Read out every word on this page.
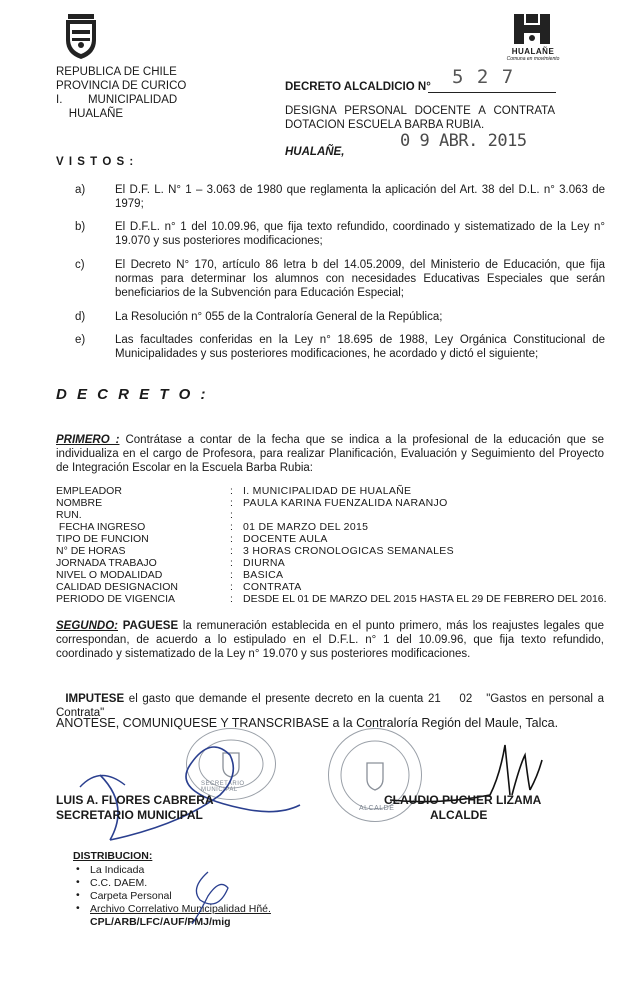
REPUBLICA DE CHILE
PROVINCIA DE CURICO
I.        MUNICIPALIDAD
HUALAÑE
HUALAÑE
Comuna en movimiento
DECRETO ALCALDICIO N° 5 2 7
DESIGNA PERSONAL DOCENTE A CONTRATA
DOTACION ESCUELA BARBA RUBIA.
HUALAÑE,
0 9 ABR. 2015
V I S T O S :
a)	El D.F. L. N° 1 – 3.063 de 1980 que reglamenta la aplicación del Art. 38 del D.L. n° 3.063 de 1979;
b)	El D.F.L. n° 1 del 10.09.96, que fija texto refundido, coordinado y sistematizado de la Ley n° 19.070 y sus posteriores modificaciones;
c)	El Decreto N° 170, artículo 86 letra b del 14.05.2009, del Ministerio de Educación, que fija normas para determinar los alumnos con necesidades Educativas Especiales que serán beneficiarios de la Subvención para Educación Especial;
d)	La Resolución n° 055 de la Contraloría General de la República;
e)	Las facultades conferidas en la Ley n° 18.695 de 1988, Ley Orgánica Constitucional de Municipalidades y sus posteriores modificaciones, he acordado y dictó el siguiente;
D E C R E T O :
PRIMERO : Contrátase a contar de la fecha que se indica a la profesional de la educación que se individualiza en el cargo de Profesora, para realizar Planificación, Evaluación y Seguimiento del Proyecto de Integración Escolar en la Escuela Barba Rubia:
EMPLEADOR	: I. MUNICIPALIDAD DE HUALAÑE
NOMBRE	: PAULA KARINA FUENZALIDA NARANJO
RUN.	:
FECHA INGRESO	: 01 DE MARZO DEL 2015
TIPO DE FUNCION	: DOCENTE AULA
N° DE HORAS	: 3 HORAS CRONOLOGICAS SEMANALES
JORNADA TRABAJO	: DIURNA
NIVEL O MODALIDAD	: BASICA
CALIDAD DESIGNACION	: CONTRATA
PERIODO DE VIGENCIA	: DESDE EL 01 DE MARZO DEL 2015 HASTA EL 29 DE FEBRERO DEL 2016.
SEGUNDO: PAGUESE la remuneración establecida en el punto primero, más los reajustes legales que correspondan, de acuerdo a lo estipulado en el D.F.L. n° 1 del 10.09.96, que fija texto refundido, coordinado y sistematizado de la Ley n° 19.070 y sus posteriores modificaciones.

IMPUTESE el gasto que demande el presente decreto en la cuenta 21    02   "Gastos en personal a Contrata"

ANOTESE, COMUNIQUESE Y TRANSCRIBASE a la Contraloría Región del Maule, Talca.
SECRETARIO MUNICIPAL
ALCALDE
LUIS A. FLORES CABRERA
SECRETARIO MUNICIPAL
CLAUDIO PUCHER LIZAMA
ALCALDE
DISTRIBUCION:
• La Indicada
• C.C. DAEM.
• Carpeta Personal
• Archivo Correlativo Municipalidad Hñé.
CPL/ARB/LFC/AUF/PMJ/mig
